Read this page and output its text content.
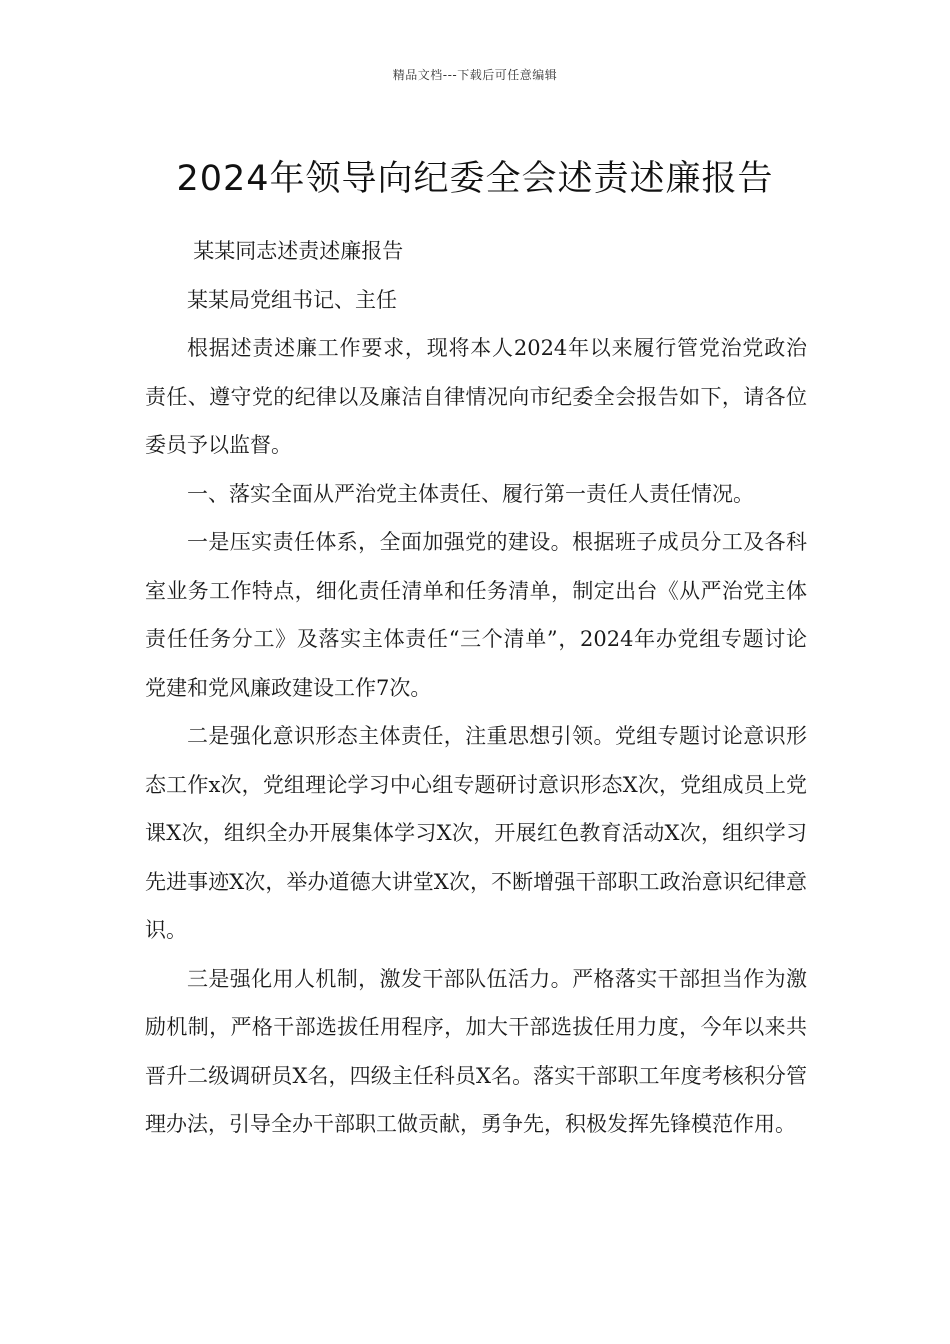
精品文档---下载后可任意编辑
2024年领导向纪委全会述责述廉报告

某某同志述责述廉报告

某某局党组书记、主任

根据述责述廉工作要求，现将本人2024年以来履行管党治党政治责任、遵守党的纪律以及廉洁自律情况向市纪委全会报告如下，请各位委员予以监督。

一、落实全面从严治党主体责任、履行第一责任人责任情况。

一是压实责任体系，全面加强党的建设。根据班子成员分工及各科室业务工作特点，细化责任清单和任务清单，制定出台《从严治党主体责任任务分工》及落实主体责任“三个清单”，2024年办党组专题讨论党建和党风廉政建设工作7次。

二是强化意识形态主体责任，注重思想引领。党组专题讨论意识形态工作x次，党组理论学习中心组专题研讨意识形态X次，党组成员上党课X次，组织全办开展集体学习X次，开展红色教育活动X次，组织学习先进事迹X次，举办道德大讲堂X次，不断增强干部职工政治意识纪律意识。

三是强化用人机制，激发干部队伍活力。严格落实干部担当作为激励机制，严格干部选拔任用程序，加大干部选拔任用力度，今年以来共晋升二级调研员X名，四级主任科员X名。落实干部职工年度考核积分管理办法，引导全办干部职工做贡献，勇争先，积极发挥先锋模范作用。
